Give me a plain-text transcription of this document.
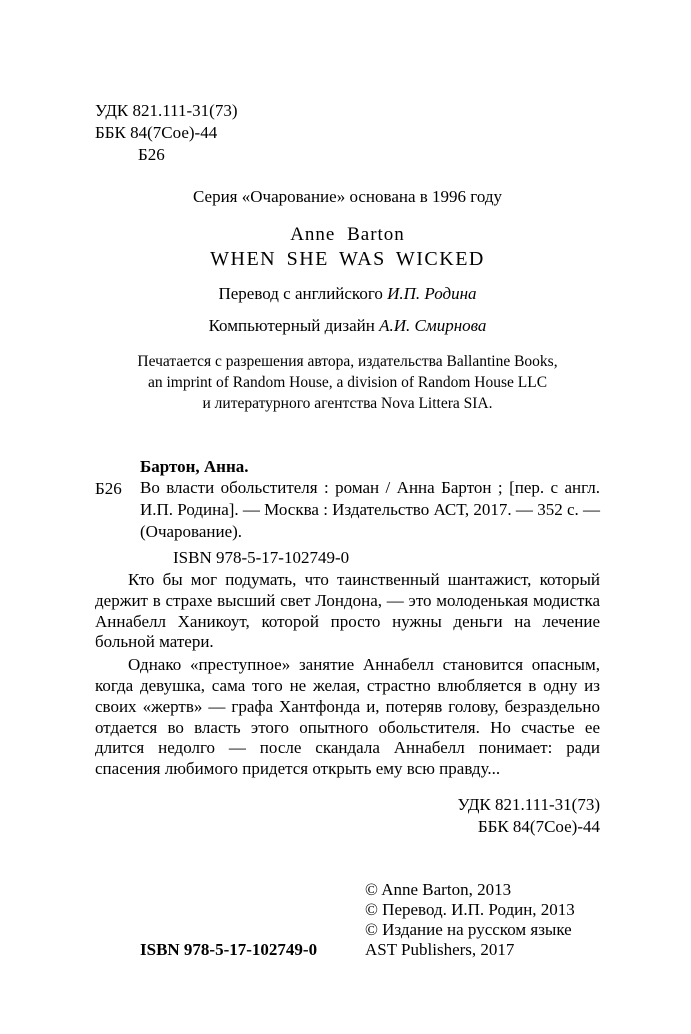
УДК 821.111-31(73)
ББК 84(7Сое)-44
Б26
Серия «Очарование» основана в 1996 году
Anne Barton
WHEN SHE WAS WICKED
Перевод с английского И.П. Родина
Компьютерный дизайн А.И. Смирнова
Печатается с разрешения автора, издательства Ballantine Books,
an imprint of Random House, a division of Random House LLC
и литературного агентства Nova Littera SIA.
Бартон, Анна.
Б26 Во власти обольстителя : роман / Анна Бартон ; [пер. с англ. И.П. Родина]. — Москва : Издательство АСТ, 2017. — 352 с. — (Очарование).

ISBN 978-5-17-102749-0

Кто бы мог подумать, что таинственный шантажист, который держит в страхе высший свет Лондона, — это молоденькая модистка Аннабелл Ханикоут, которой просто нужны деньги на лечение больной матери.

Однако «преступное» занятие Аннабелл становится опасным, когда девушка, сама того не желая, страстно влюбляется в одну из своих «жертв» — графа Хантфонда и, потеряв голову, безраздельно отдается во власть этого опытного обольстителя. Но счастье ее длится недолго — после скандала Аннабелл понимает: ради спасения любимого придется открыть ему всю правду...

УДК 821.111-31(73)
ББК 84(7Сое)-44
© Anne Barton, 2013
© Перевод. И.П. Родин, 2013
© Издание на русском языке
AST Publishers, 2017
ISBN 978-5-17-102749-0
